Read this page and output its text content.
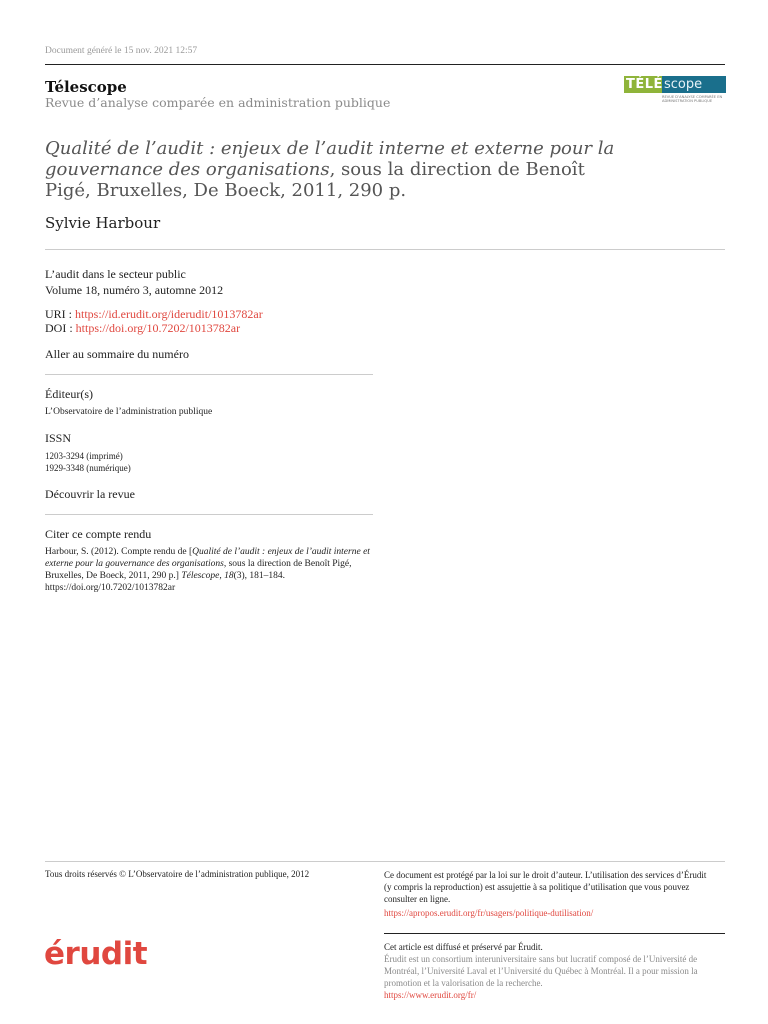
Document généré le 15 nov. 2021 12:57
Télescope
Revue d’analyse comparée en administration publique
TÉLÉ scope
REVUE D’ANALYSE COMPARÉE EN ADMINISTRATION PUBLIQUE
Qualité de l’audit : enjeux de l’audit interne et externe pour la gouvernance des organisations, sous la direction de Benoît Pigé, Bruxelles, De Boeck, 2011, 290 p.
Sylvie Harbour
L’audit dans le secteur public
Volume 18, numéro 3, automne 2012
URI : https://id.erudit.org/iderudit/1013782ar
DOI : https://doi.org/10.7202/1013782ar
Aller au sommaire du numéro
Éditeur(s)
L’Observatoire de l’administration publique
ISSN
1203-3294 (imprimé)
1929-3348 (numérique)
Découvrir la revue
Citer ce compte rendu
Harbour, S. (2012). Compte rendu de [Qualité de l’audit : enjeux de l’audit interne et externe pour la gouvernance des organisations, sous la direction de Benoît Pigé, Bruxelles, De Boeck, 2011, 290 p.] Télescope, 18(3), 181–184. https://doi.org/10.7202/1013782ar
Tous droits réservés © L’Observatoire de l’administration publique, 2012	Ce document est protégé par la loi sur le droit d’auteur. L’utilisation des services d’Érudit (y compris la reproduction) est assujettie à sa politique d’utilisation que vous pouvez consulter en ligne.
https://apropos.erudit.org/fr/usagers/politique-dutilisation/
érudit	Cet article est diffusé et préservé par Érudit.
Érudit est un consortium interuniversitaire sans but lucratif composé de l’Université de Montréal, l’Université Laval et l’Université du Québec à Montréal. Il a pour mission la promotion et la valorisation de la recherche.
https://www.erudit.org/fr/
